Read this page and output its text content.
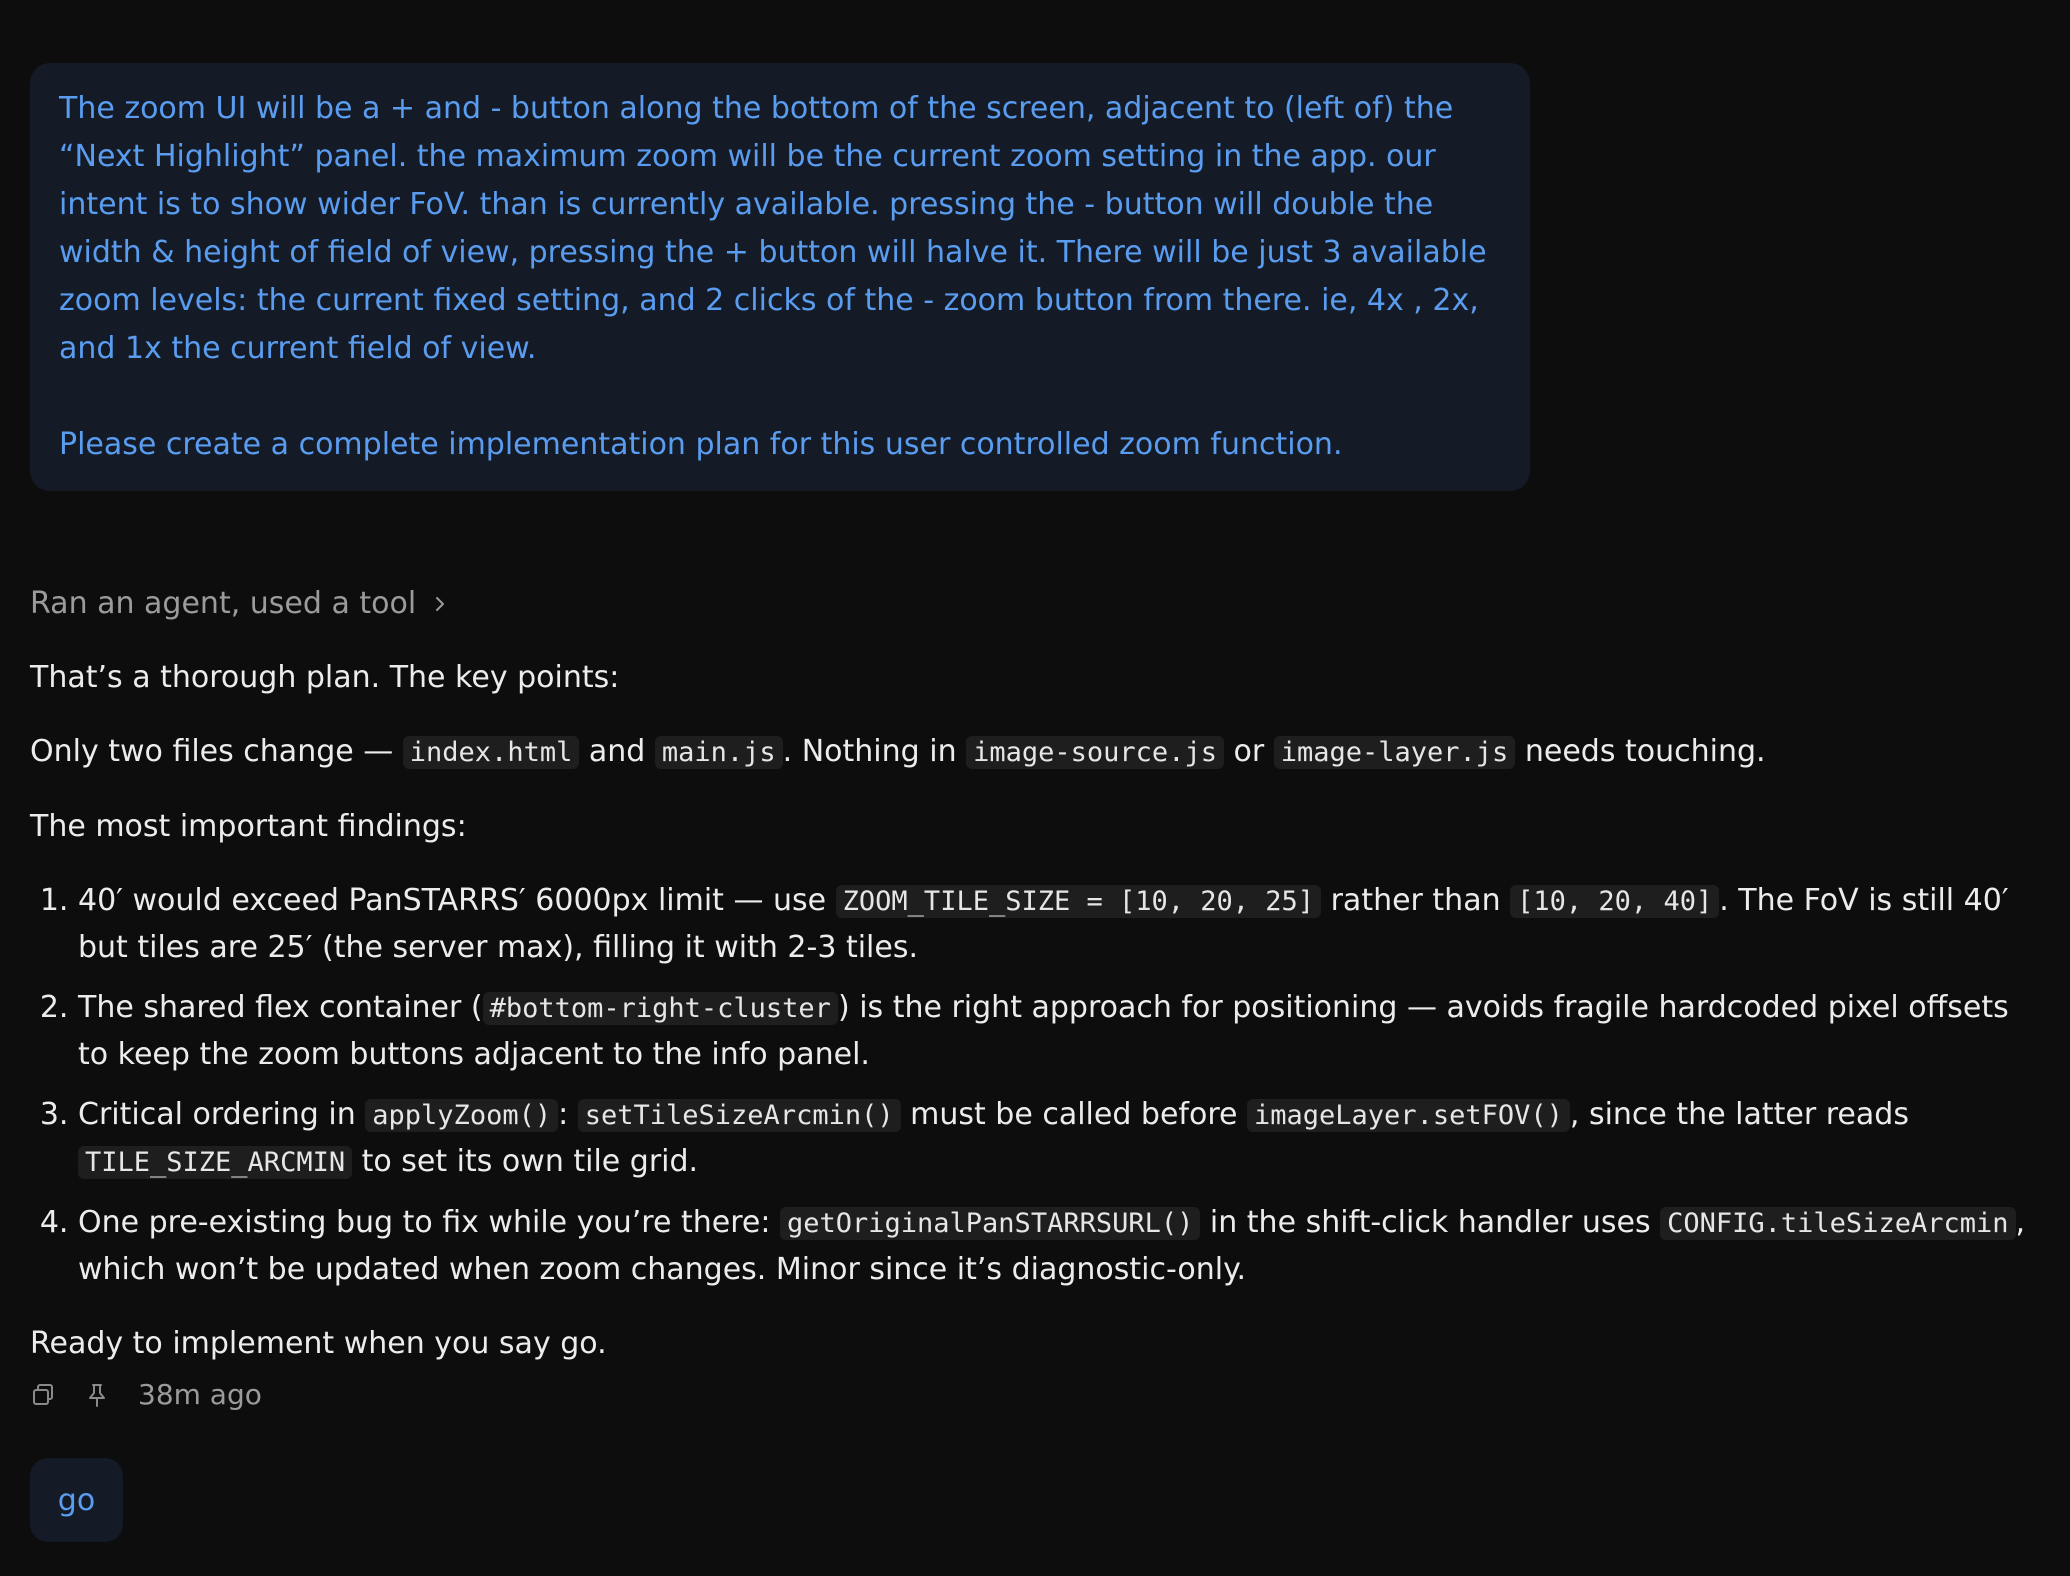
The zoom UI will be a + and - button along the bottom of the screen, adjacent to (left of) the “Next Highlight” panel. the maximum zoom will be the current zoom setting in the app. our intent is to show wider FoV. than is currently available. pressing the - button will double the width & height of field of view, pressing the + button will halve it. There will be just 3 available zoom levels: the current fixed setting, and 2 clicks of the - zoom button from there. ie, 4x , 2x, and 1x the current field of view.
Please create a complete implementation plan for this user controlled zoom function.
Ran an agent, used a tool

That’s a thorough plan. The key points:

Only two files change — index.html and main.js . Nothing in image-source.js or image-layer.js needs touching.

The most important findings:

1. 40′ would exceed PanSTARRS′ 6000px limit — use ZOOM_TILE_SIZE = [10, 20, 25] rather than [10, 20, 40] . The FoV is still 40′ but tiles are 25′ (the server max), filling it with 2-3 tiles.
2. The shared flex container ( #bottom-right-cluster ) is the right approach for positioning — avoids fragile hardcoded pixel offsets to keep the zoom buttons adjacent to the info panel.
3. Critical ordering in applyZoom() : setTileSizeArcmin() must be called before imageLayer.setFOV() , since the latter reads TILE_SIZE_ARCMIN to set its own tile grid.
4. One pre-existing bug to fix while you’re there: getOriginalPanSTARRSURL() in the shift-click handler uses CONFIG.tileSizeArcmin , which won’t be updated when zoom changes. Minor since it’s diagnostic-only.

Ready to implement when you say go.

38m ago
go
